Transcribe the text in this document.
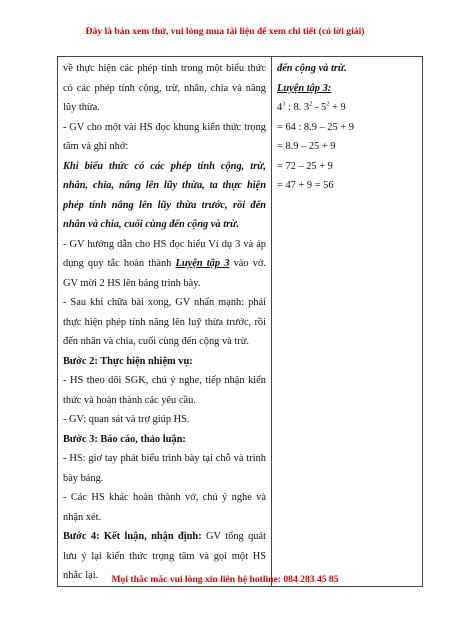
Đây là bản xem thử, vui lòng mua tài liệu để xem chi tiết (có lời giải)

về thực hiện các phép tính trong một biểu thức có các phép tính cộng, trừ, nhân, chia và nâng lũy thừa.

- GV cho một vài HS đọc khung kiến thức trọng tâm và ghi nhớ:

Khi biểu thức có các phép tính cộng, trừ, nhân, chia, nâng lên lũy thừa, ta thực hiện phép tính nâng lên lũy thừa trước, rồi đến nhân và chia, cuối cùng đến cộng và trừ.

- GV hướng dẫn cho HS đọc hiểu Ví dụ 3 và áp dụng quy tắc hoàn thành Luyện tập 3 vào vở. GV mời 2 HS lên bảng trình bày.

- Sau khi chữa bài xong, GV nhấn mạnh: phải thực hiện phép tính nâng lên luỹ thừa trước, rồi đến nhân và chia, cuối cùng đến cộng và trừ.

Bước 2: Thực hiện nhiệm vụ:

- HS theo dõi SGK, chú ý nghe, tiếp nhận kiến thức và hoàn thành các yêu cầu.

- GV: quan sát và trợ giúp HS.

Bước 3: Báo cáo, thảo luận:

- HS: giơ tay phát biểu trình bày tại chỗ và trình bày bảng.

- Các HS khác hoàn thành vở, chú ý nghe và nhận xét.

Bước 4: Kết luận, nhận định: GV tổng quát lưu ý lại kiến thức trọng tâm và gọi một HS nhắc lại.

đến cộng và trừ.

Luyện tập 3:

$4^3$ : 8. $3^2 - 5^2 + 9$

= 64 : 8.9 – 25 + 9

= 8.9 – 25 + 9

= 72 – 25 + 9

= 47 + 9 = 56

Mọi thắc mắc vui lòng xin liên hệ hotline: 084 283 45 85
